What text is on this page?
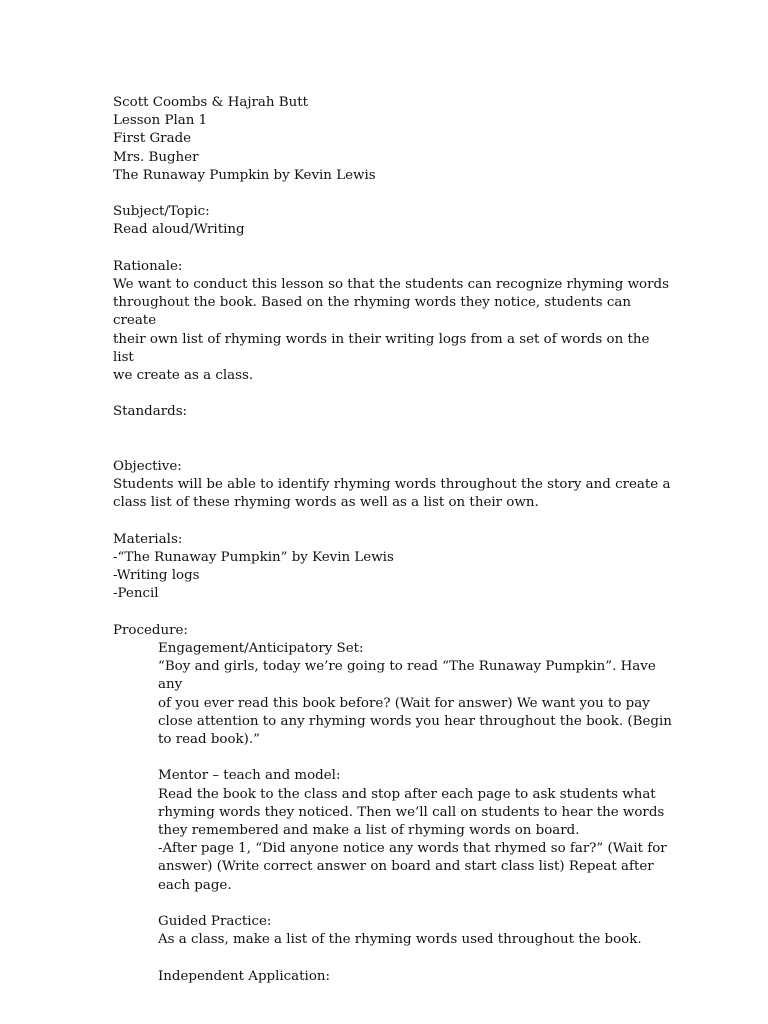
Scott Coombs & Hajrah Butt
Lesson Plan 1
First Grade
Mrs. Bugher
The Runaway Pumpkin by Kevin Lewis
Subject/Topic:
Read aloud/Writing
Rationale:
We want to conduct this lesson so that the students can recognize rhyming words
throughout the book. Based on the rhyming words they notice, students can create
their own list of rhyming words in their writing logs from a set of words on the list
we create as a class.
Standards:
Objective:
Students will be able to identify rhyming words throughout the story and create a
class list of these rhyming words as well as a list on their own.
Materials:
-“The Runaway Pumpkin” by Kevin Lewis
-Writing logs
-Pencil
Procedure:
Engagement/Anticipatory Set:
“Boy and girls, today we’re going to read “The Runaway Pumpkin”. Have any
of you ever read this book before? (Wait for answer) We want you to pay
close attention to any rhyming words you hear throughout the book. (Begin
to read book).”
Mentor – teach and model:
Read the book to the class and stop after each page to ask students what
rhyming words they noticed. Then we’ll call on students to hear the words
they remembered and make a list of rhyming words on board.
-After page 1, “Did anyone notice any words that rhymed so far?” (Wait for
answer) (Write correct answer on board and start class list) Repeat after
each page.
Guided Practice:
As a class, make a list of the rhyming words used throughout the book.
Independent Application:
